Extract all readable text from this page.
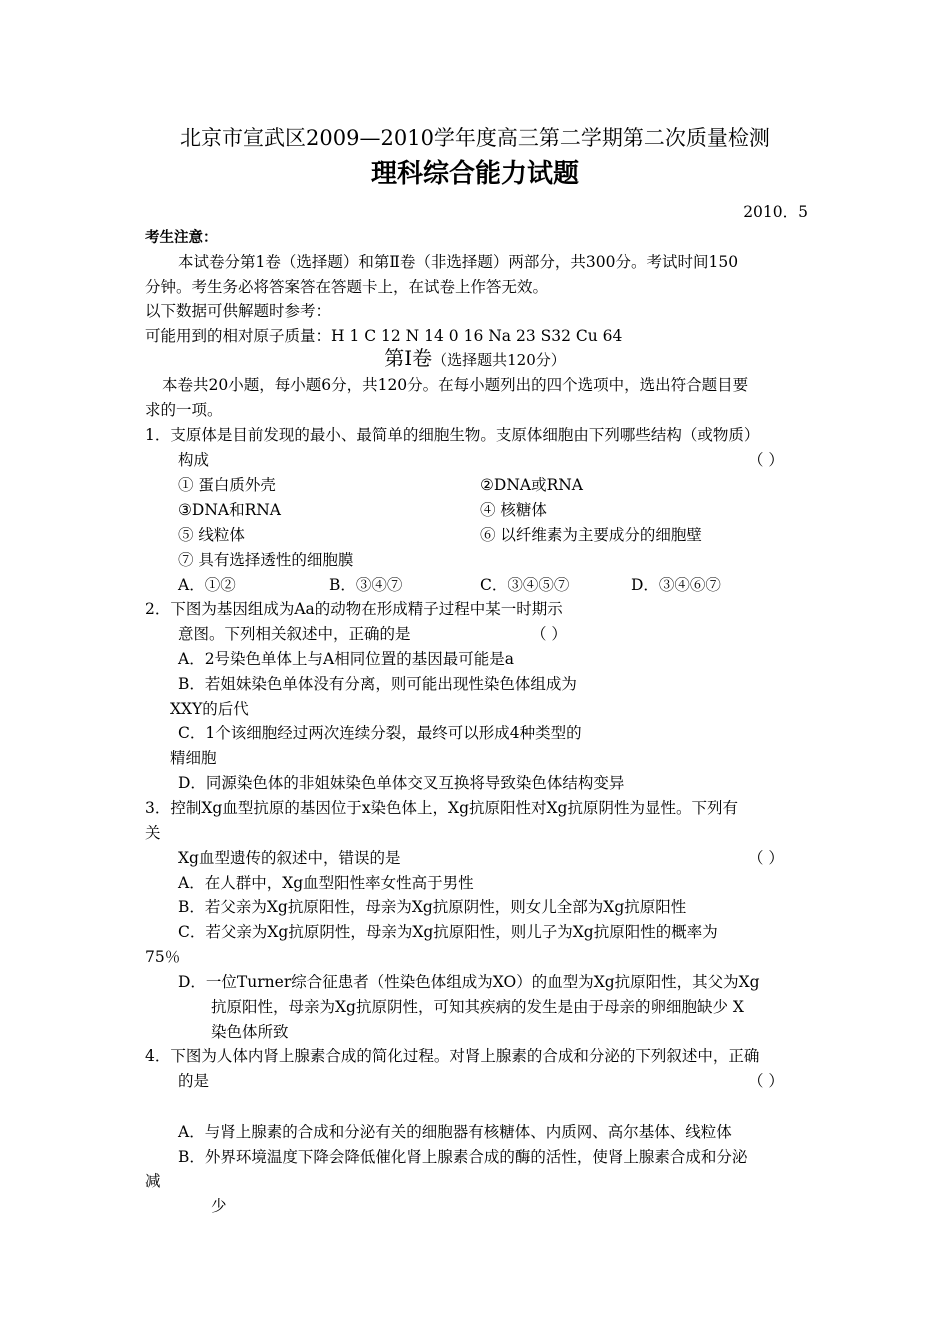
北京市宣武区2009—2010学年度高三第二学期第二次质量检测
理科综合能力试题
2010．5
考生注意：
本试卷分第1卷（选择题）和第Ⅱ卷（非选择题）两部分，共300分。考试时间150
分钟。考生务必将答案答在答题卡上，在试卷上作答无效。
以下数据可供解题时参考：
可能用到的相对原子质量：H 1 C 12 N 14 0 16 Na 23 S32 Cu 64
第Ⅰ卷（选择题共120分）
本卷共20小题，每小题6分，共120分。在每小题列出的四个选项中，选出符合题目要
求的一项。
1．支原体是目前发现的最小、最简单的细胞生物。支原体细胞由下列哪些结构（或物质）
构成	（ ）
① 蛋白质外壳	②DNA或RNA
③DNA和RNA	④ 核糖体
⑤ 线粒体	⑥ 以纤维素为主要成分的细胞壁
⑦ 具有选择透性的细胞膜
A．①②	B．③④⑦	C．③④⑤⑦	D．③④⑥⑦
2．下图为基因组成为Aa的动物在形成精子过程中某一时期示
意图。下列相关叙述中，正确的是	（ ）
A．2号染色单体上与A相同位置的基因最可能是a
B．若姐妹染色单体没有分离，则可能出现性染色体组成为
XXY的后代
C．1个该细胞经过两次连续分裂，最终可以形成4种类型的
精细胞
D．同源染色体的非姐妹染色单体交叉互换将导致染色体结构变异
3．控制Xg血型抗原的基因位于x染色体上，Xg抗原阳性对Xg抗原阴性为显性。下列有
关
Xg血型遗传的叙述中，错误的是	（ ）
A．在人群中，Xg血型阳性率女性高于男性
B．若父亲为Xg抗原阳性，母亲为Xg抗原阴性，则女儿全部为Xg抗原阳性
C．若父亲为Xg抗原阴性，母亲为Xg抗原阳性，则儿子为Xg抗原阳性的概率为
75％
D．一位Turner综合征患者（性染色体组成为XO）的血型为Xg抗原阳性，其父为Xg
抗原阳性，母亲为Xg抗原阴性，可知其疾病的发生是由于母亲的卵细胞缺少 X
染色体所致
4．下图为人体内肾上腺素合成的简化过程。对肾上腺素的合成和分泌的下列叙述中，正确
的是	（ ）
A．与肾上腺素的合成和分泌有关的细胞器有核糖体、内质网、高尔基体、线粒体
B．外界环境温度下降会降低催化肾上腺素合成的酶的活性，使肾上腺素合成和分泌
减
少
